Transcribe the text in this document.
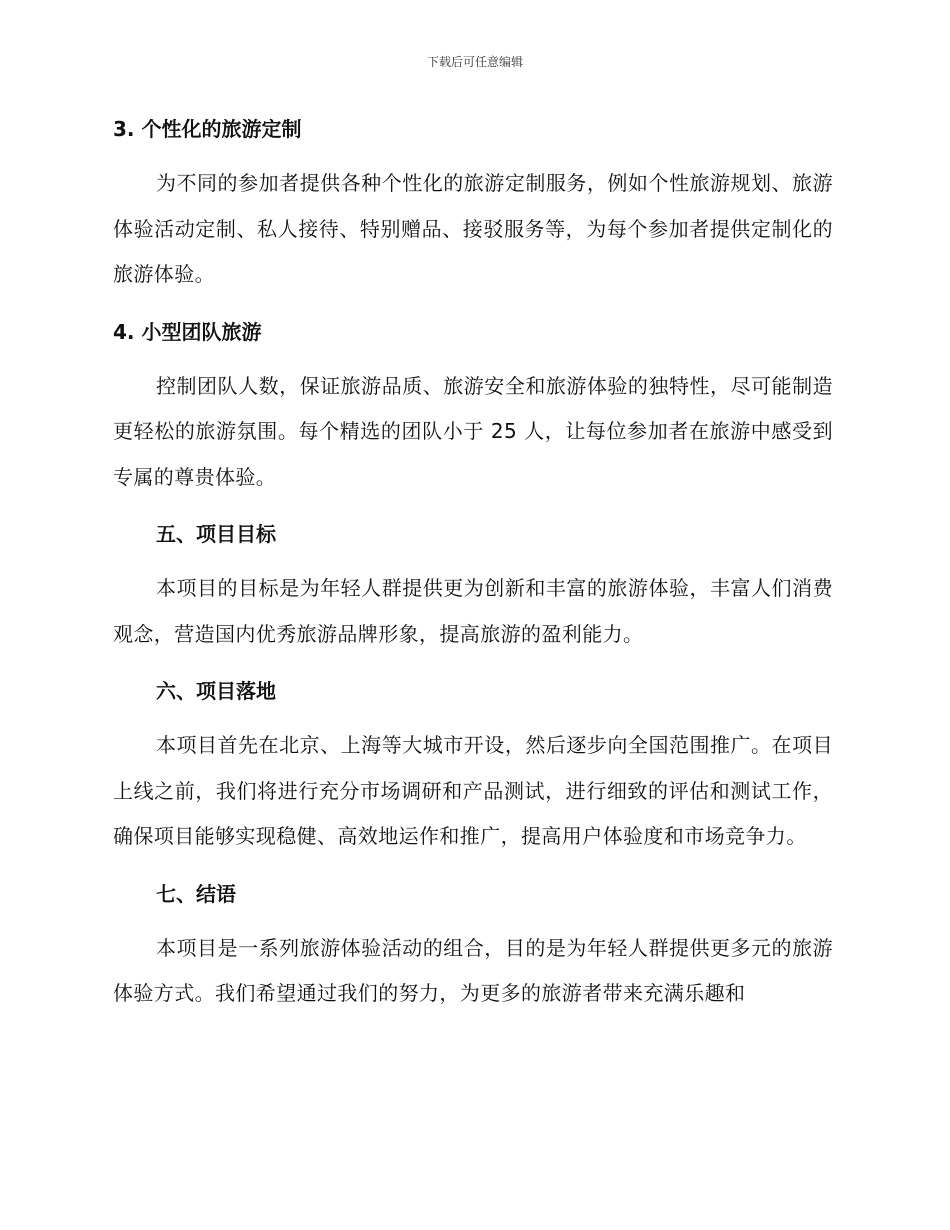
下载后可任意编辑
3. 个性化的旅游定制

为不同的参加者提供各种个性化的旅游定制服务，例如个性旅游规划、旅游体验活动定制、私人接待、特别赠品、接驳服务等，为每个参加者提供定制化的旅游体验。

4. 小型团队旅游

控制团队人数，保证旅游品质、旅游安全和旅游体验的独特性，尽可能制造更轻松的旅游氛围。每个精选的团队小于 25 人，让每位参加者在旅游中感受到专属的尊贵体验。

五、项目目标

本项目的目标是为年轻人群提供更为创新和丰富的旅游体验，丰富人们消费观念，营造国内优秀旅游品牌形象，提高旅游的盈利能力。

六、项目落地

本项目首先在北京、上海等大城市开设，然后逐步向全国范围推广。在项目上线之前，我们将进行充分市场调研和产品测试，进行细致的评估和测试工作，确保项目能够实现稳健、高效地运作和推广，提高用户体验度和市场竞争力。

七、结语

本项目是一系列旅游体验活动的组合，目的是为年轻人群提供更多元的旅游体验方式。我们希望通过我们的努力，为更多的旅游者带来充满乐趣和
